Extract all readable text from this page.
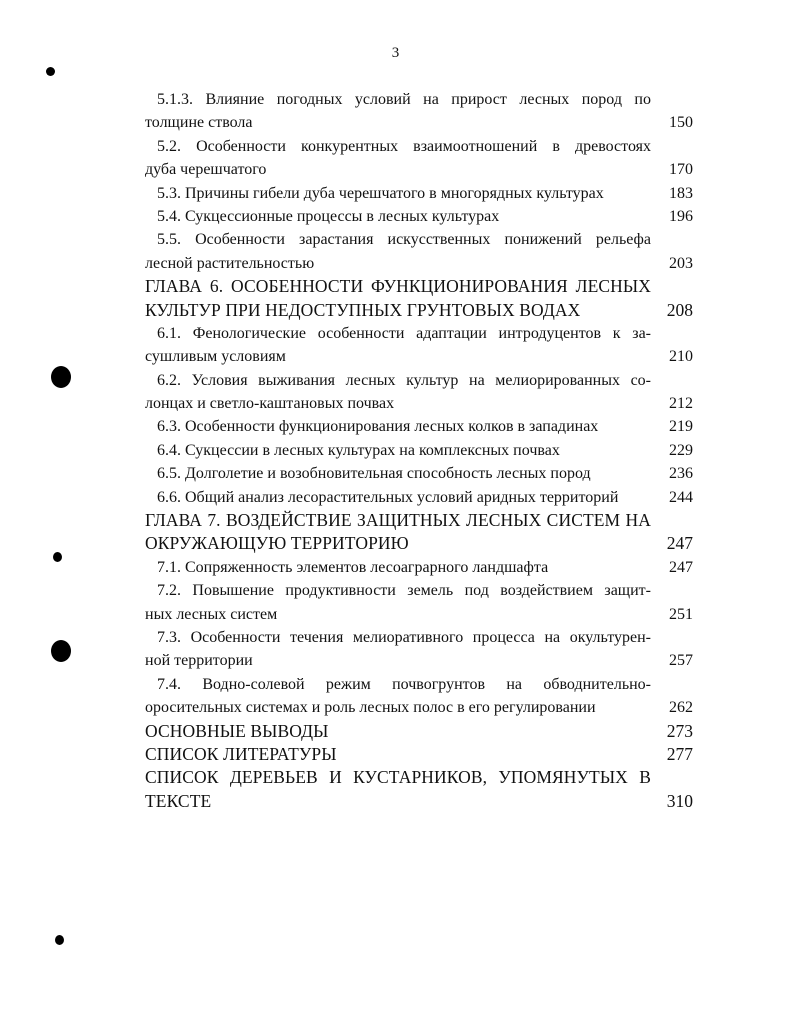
3
5.1.3. Влияние погодных условий на прирост лесных пород по
толщине ствола	150
5.2. Особенности конкурентных взаимоотношений в древостоях
дуба черешчатого	170
5.3. Причины гибели дуба черешчатого в многорядных культурах	183
5.4. Сукцессионные процессы в лесных культурах	196
5.5. Особенности зарастания искусственных понижений рельефа
лесной растительностью	203
ГЛАВА 6. ОСОБЕННОСТИ ФУНКЦИОНИРОВАНИЯ ЛЕСНЫХ
КУЛЬТУР ПРИ НЕДОСТУПНЫХ ГРУНТОВЫХ ВОДАХ	208
6.1. Фенологические особенности адаптации интродуцентов к за-
сушливым условиям	210
6.2. Условия выживания лесных культур на мелиорированных со-
лонцах и светло-каштановых почвах	212
6.3. Особенности функционирования лесных колков в западинах	219
6.4. Сукцессии в лесных культурах на комплексных почвах	229
6.5. Долголетие и возобновительная способность лесных пород	236
6.6. Общий анализ лесорастительных условий аридных территорий	244
ГЛАВА 7. ВОЗДЕЙСТВИЕ ЗАЩИТНЫХ ЛЕСНЫХ СИСТЕМ НА
ОКРУЖАЮЩУЮ ТЕРРИТОРИЮ	247
7.1. Сопряженность элементов лесоаграрного ландшафта	247
7.2. Повышение продуктивности земель под воздействием защит-
ных лесных систем	251
7.3. Особенности течения мелиоративного процесса на окультурен-
ной территории	257
7.4. Водно-солевой режим почвогрунтов на обводнительно-
оросительных системах и роль лесных полос в его регулировании	262
ОСНОВНЫЕ ВЫВОДЫ	273
СПИСОК ЛИТЕРАТУРЫ	277
СПИСОК ДЕРЕВЬЕВ И КУСТАРНИКОВ, УПОМЯНУТЫХ В
ТЕКСТЕ	310
